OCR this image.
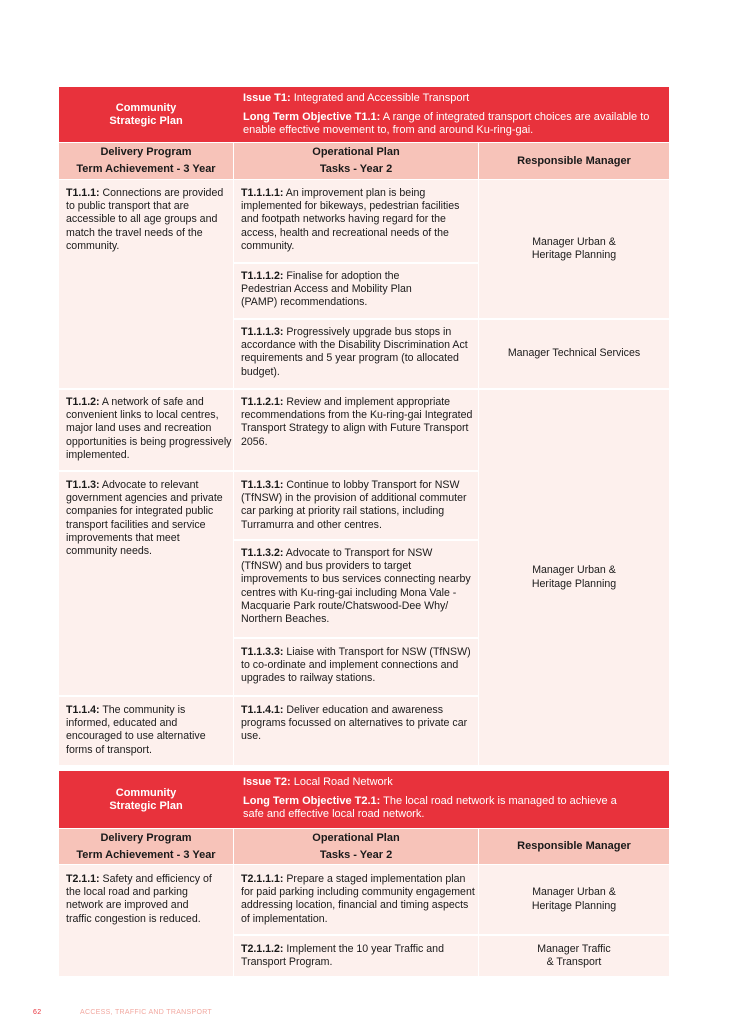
Community
Strategic Plan
Issue T1: Integrated and Accessible Transport
Long Term Objective T1.1: A range of integrated transport choices are available to enable effective movement to, from and around Ku-ring-gai.
Delivery Program
Term Achievement - 3 Year
Operational Plan
Tasks - Year 2
Responsible Manager
T1.1.1: Connections are provided to public transport that are accessible to all age groups and match the travel needs of the community.
T1.1.2: A network of safe and convenient links to local centres, major land uses and recreation opportunities is being progressively implemented.
T1.1.3: Advocate to relevant government agencies and private companies for integrated public transport facilities and service improvements that meet community needs.
T1.1.4: The community is informed, educated and encouraged to use alternative forms of transport.
T1.1.1.1: An improvement plan is being implemented for bikeways, pedestrian facilities and footpath networks having regard for the access, health and recreational needs of the community.
T1.1.1.2: Finalise for adoption the Pedestrian Access and Mobility Plan (PAMP) recommendations.
T1.1.1.3: Progressively upgrade bus stops in accordance with the Disability Discrimination Act requirements and 5 year program (to allocated budget).
T1.1.2.1: Review and implement appropriate recommendations from the Ku-ring-gai Integrated Transport Strategy to align with Future Transport 2056.
T1.1.3.1: Continue to lobby Transport for NSW (TfNSW) in the provision of additional commuter car parking at priority rail stations, including Turramurra and other centres.
T1.1.3.2: Advocate to Transport for NSW (TfNSW) and bus providers to target improvements to bus services connecting nearby centres with Ku-ring-gai including Mona Vale - Macquarie Park route/Chatswood-Dee Why/ Northern Beaches.
T1.1.3.3: Liaise with Transport for NSW (TfNSW) to co-ordinate and implement connections and upgrades to railway stations.
T1.1.4.1: Deliver education and awareness programs focussed on alternatives to private car use.
Manager Urban &
Heritage Planning
Manager Technical Services
Manager Urban &
Heritage Planning
Community
Strategic Plan
Issue T2: Local Road Network
Long Term Objective T2.1: The local road network is managed to achieve a safe and effective local road network.
Delivery Program
Term Achievement - 3 Year
Operational Plan
Tasks - Year 2
Responsible Manager
T2.1.1: Safety and efficiency of the local road and parking network are improved and traffic congestion is reduced.
T2.1.1.1: Prepare a staged implementation plan for paid parking including community engagement addressing location, financial and timing aspects of implementation.
T2.1.1.2: Implement the 10 year Traffic and Transport Program.
Manager Urban &
Heritage Planning
Manager Traffic
& Transport
62	ACCESS, TRAFFIC AND TRANSPORT
